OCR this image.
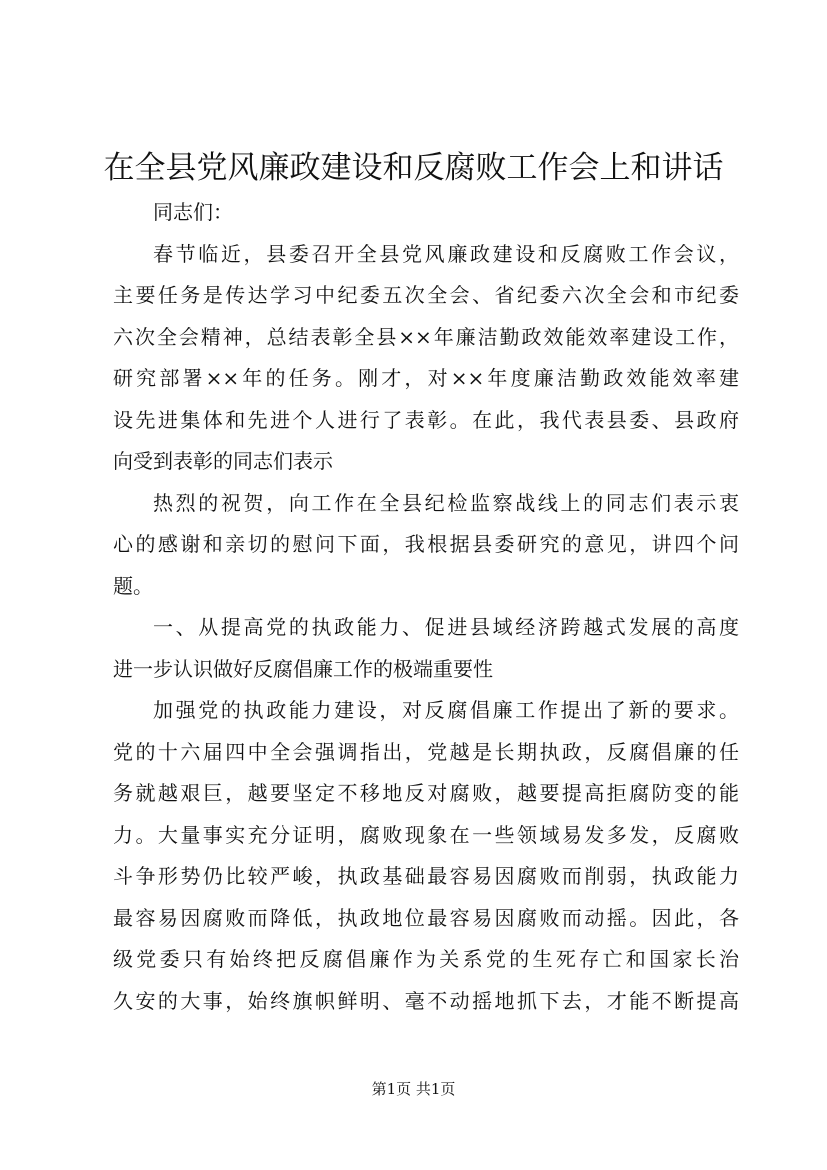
在全县党风廉政建设和反腐败工作会上和讲话
同志们：
春节临近，县委召开全县党风廉政建设和反腐败工作会议，
主要任务是传达学习中纪委五次全会、省纪委六次全会和市纪委
六次全会精神，总结表彰全县××年廉洁勤政效能效率建设工作，
研究部署××年的任务。刚才，对××年度廉洁勤政效能效率建
设先进集体和先进个人进行了表彰。在此，我代表县委、县政府
向受到表彰的同志们表示
热烈的祝贺，向工作在全县纪检监察战线上的同志们表示衷
心的感谢和亲切的慰问下面，我根据县委研究的意见，讲四个问
题。
一、从提高党的执政能力、促进县域经济跨越式发展的高度
进一步认识做好反腐倡廉工作的极端重要性
加强党的执政能力建设，对反腐倡廉工作提出了新的要求。
党的十六届四中全会强调指出，党越是长期执政，反腐倡廉的任
务就越艰巨，越要坚定不移地反对腐败，越要提高拒腐防变的能
力。大量事实充分证明，腐败现象在一些领域易发多发，反腐败
斗争形势仍比较严峻，执政基础最容易因腐败而削弱，执政能力
最容易因腐败而降低，执政地位最容易因腐败而动摇。因此，各
级党委只有始终把反腐倡廉作为关系党的生死存亡和国家长治
久安的大事，始终旗帜鲜明、毫不动摇地抓下去，才能不断提高
第1页 共1页
